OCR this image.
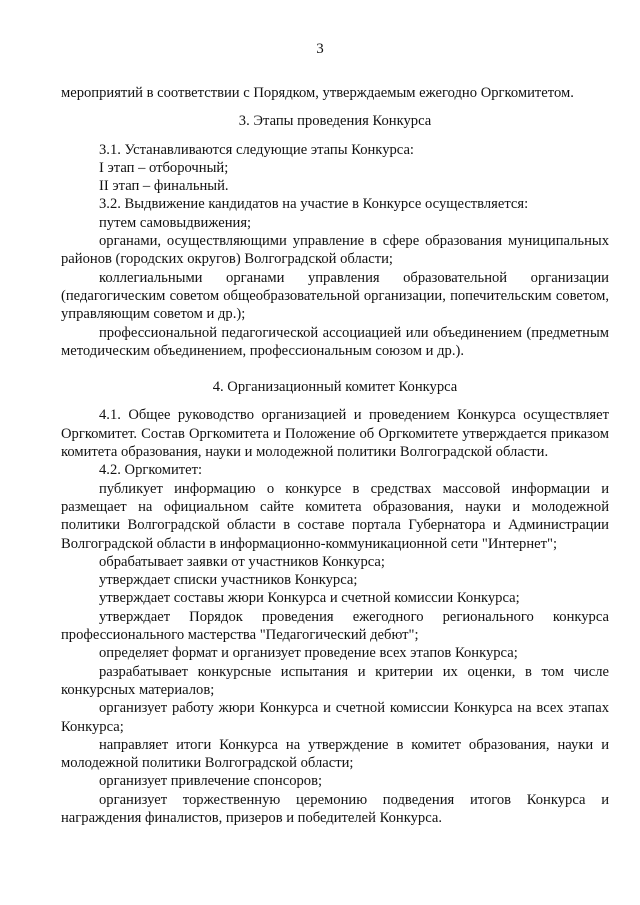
3

мероприятий в соответствии с Порядком, утверждаемым ежегодно Оргкомитетом.

3. Этапы проведения Конкурса

3.1. Устанавливаются следующие этапы Конкурса:

I этап – отборочный;

II этап – финальный.

3.2. Выдвижение кандидатов на участие в Конкурсе осуществляется:

путем самовыдвижения;

органами, осуществляющими управление в сфере образования муниципальных районов (городских округов) Волгоградской области;

коллегиальными органами управления образовательной организации (педагогическим советом общеобразовательной организации, попечительским советом, управляющим советом и др.);

профессиональной педагогической ассоциацией или объединением (предметным методическим объединением, профессиональным союзом и др.).

4. Организационный комитет Конкурса

4.1. Общее руководство организацией и проведением Конкурса осуществляет Оргкомитет. Состав Оргкомитета и Положение об Оргкомитете утверждается приказом комитета образования, науки и молодежной политики Волгоградской области.

4.2. Оргкомитет:

публикует информацию о конкурсе в средствах массовой информации и размещает на официальном сайте комитета образования, науки и молодежной политики Волгоградской области в составе портала Губернатора и Администрации Волгоградской области в информационно-коммуникационной сети "Интернет";

обрабатывает заявки от участников Конкурса;

утверждает списки участников Конкурса;

утверждает составы жюри Конкурса и счетной комиссии Конкурса;

утверждает Порядок проведения ежегодного регионального конкурса профессионального мастерства "Педагогический дебют";

определяет формат и организует проведение всех этапов Конкурса;

разрабатывает конкурсные испытания и критерии их оценки, в том числе конкурсных материалов;

организует работу жюри Конкурса и счетной комиссии Конкурса на всех этапах Конкурса;

направляет итоги Конкурса на утверждение в комитет образования, науки и молодежной политики Волгоградской области;

организует привлечение спонсоров;

организует торжественную церемонию подведения итогов Конкурса и награждения финалистов, призеров и победителей Конкурса.
